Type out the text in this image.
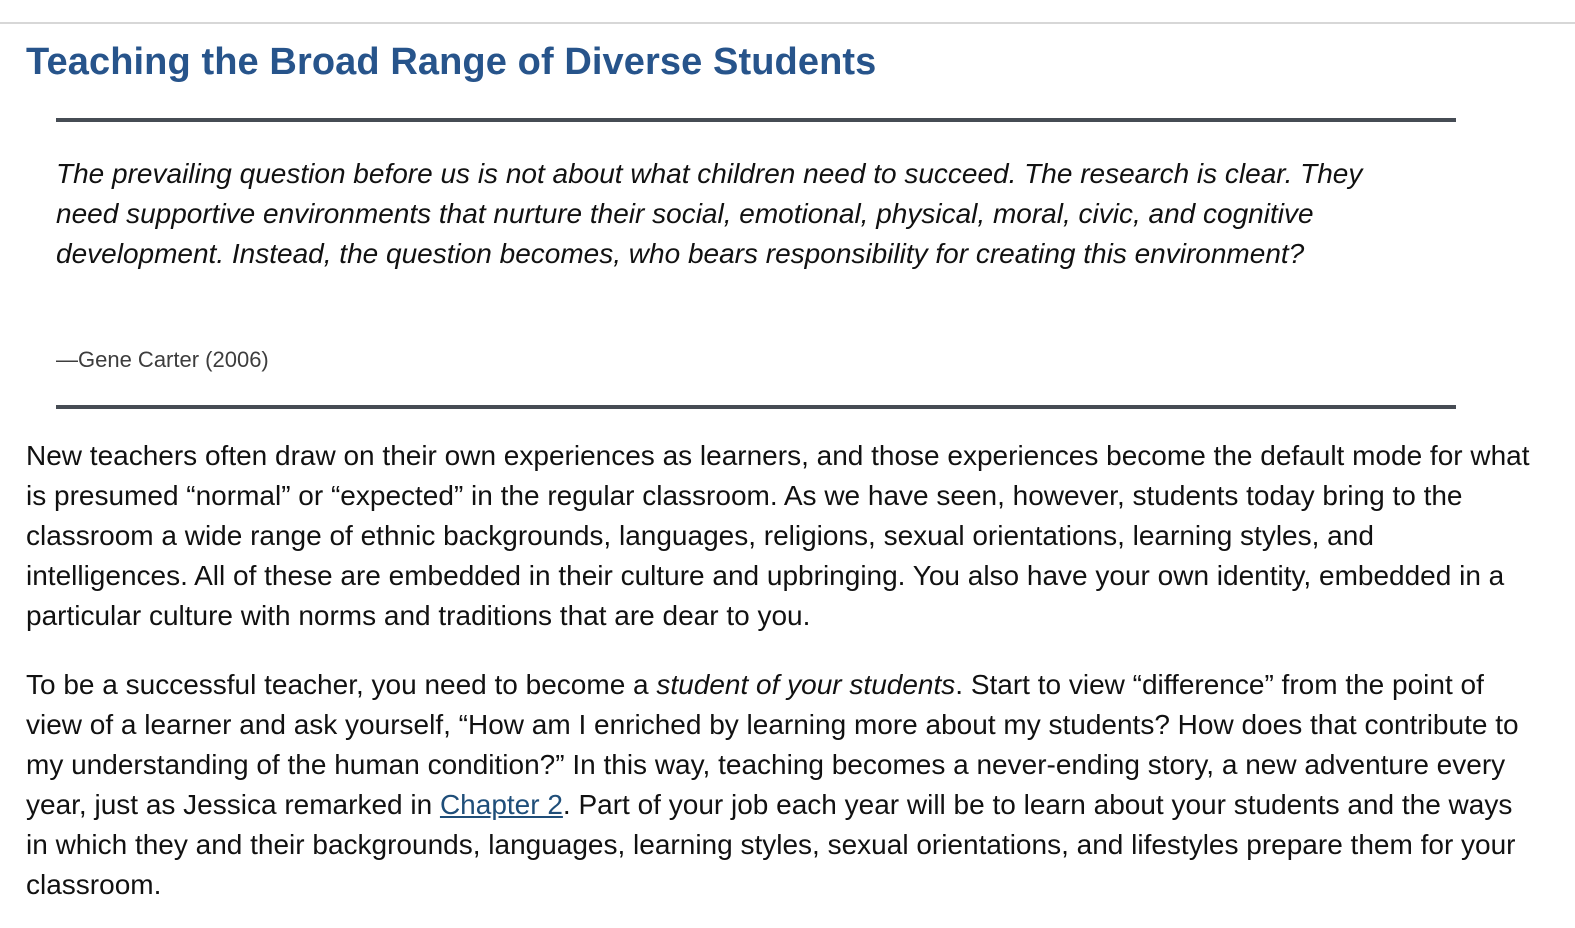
Teaching the Broad Range of Diverse Students

The prevailing question before us is not about what children need to succeed. The research is clear. They need supportive environments that nurture their social, emotional, physical, moral, civic, and cognitive development. Instead, the question becomes, who bears responsibility for creating this environment?

—Gene Carter (2006)

New teachers often draw on their own experiences as learners, and those experiences become the default mode for what is presumed “normal” or “expected” in the regular classroom. As we have seen, however, students today bring to the classroom a wide range of ethnic backgrounds, languages, religions, sexual orientations, learning styles, and intelligences. All of these are embedded in their culture and upbringing. You also have your own identity, embedded in a particular culture with norms and traditions that are dear to you.

To be a successful teacher, you need to become a student of your students. Start to view “difference” from the point of view of a learner and ask yourself, “How am I enriched by learning more about my students? How does that contribute to my understanding of the human condition?” In this way, teaching becomes a never-ending story, a new adventure every year, just as Jessica remarked in Chapter 2. Part of your job each year will be to learn about your students and the ways in which they and their backgrounds, languages, learning styles, sexual orientations, and lifestyles prepare them for your classroom.
